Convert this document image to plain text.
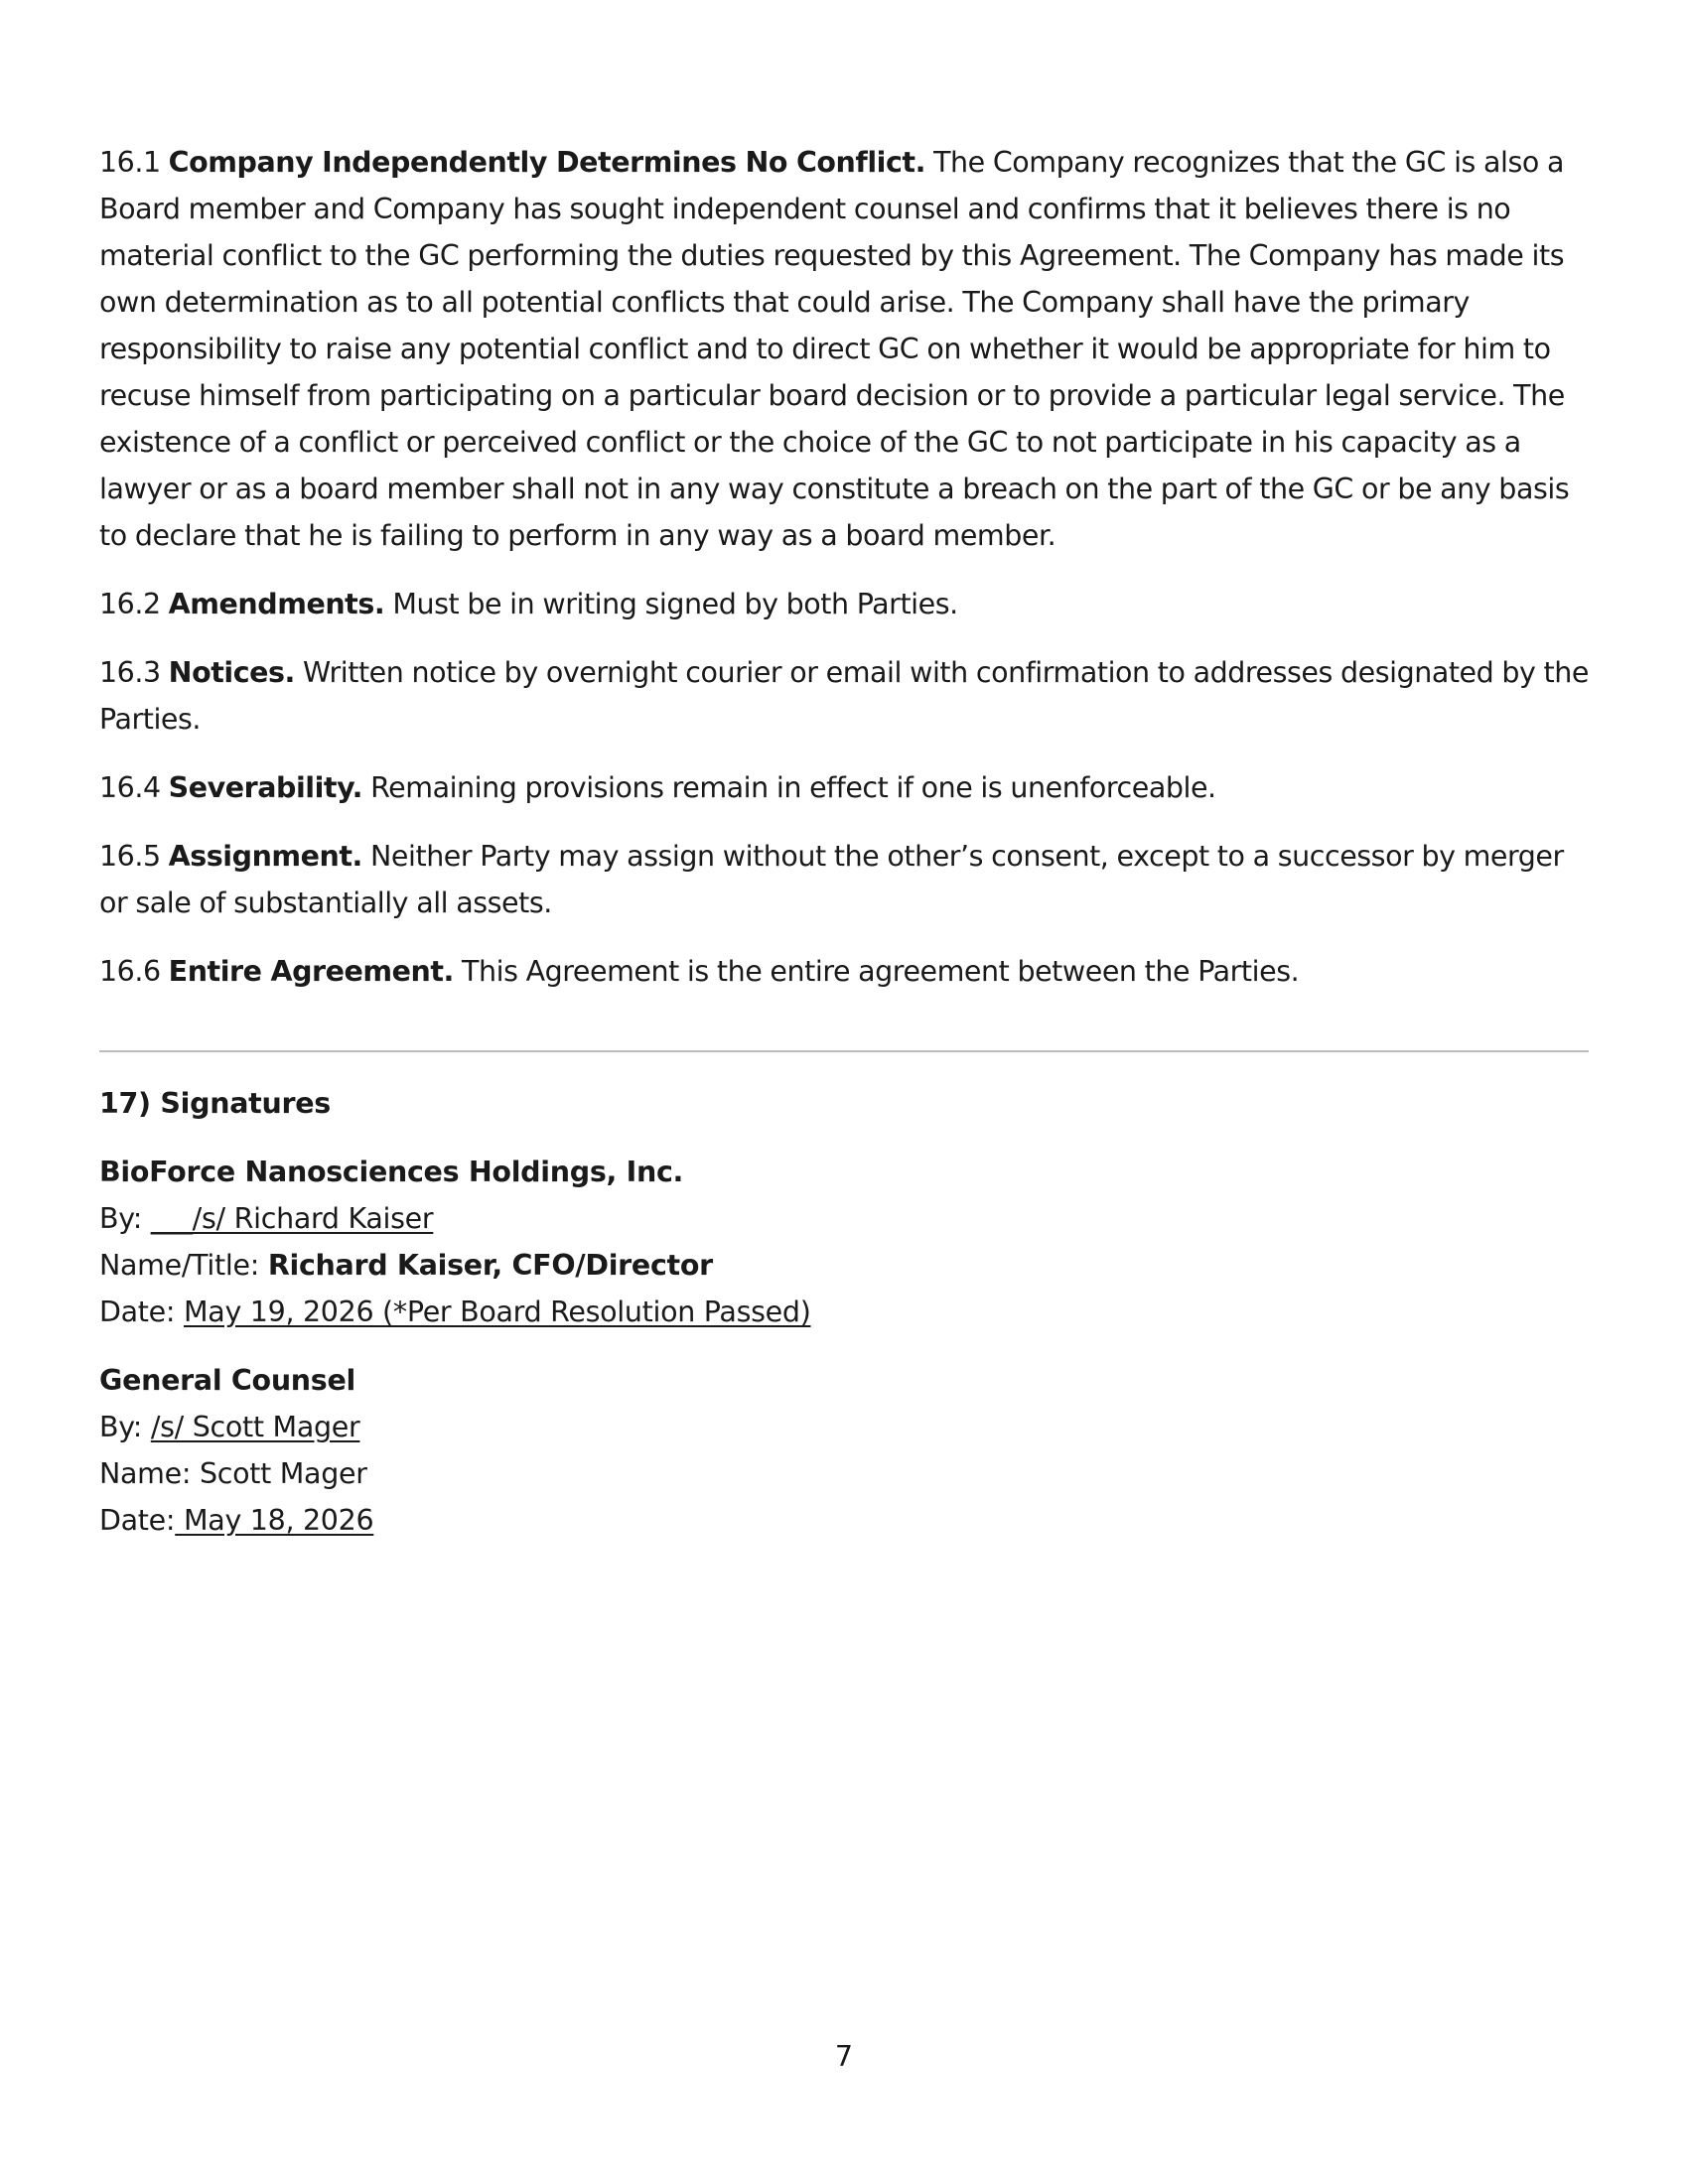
16.1 Company Independently Determines No Conflict. The Company recognizes that the GC is also a Board member and Company has sought independent counsel and confirms that it believes there is no material conflict to the GC performing the duties requested by this Agreement. The Company has made its own determination as to all potential conflicts that could arise. The Company shall have the primary responsibility to raise any potential conflict and to direct GC on whether it would be appropriate for him to recuse himself from participating on a particular board decision or to provide a particular legal service. The existence of a conflict or perceived conflict or the choice of the GC to not participate in his capacity as a lawyer or as a board member shall not in any way constitute a breach on the part of the GC or be any basis to declare that he is failing to perform in any way as a board member.

16.2 Amendments. Must be in writing signed by both Parties.

16.3 Notices. Written notice by overnight courier or email with confirmation to addresses designated by the Parties.

16.4 Severability. Remaining provisions remain in effect if one is unenforceable.

16.5 Assignment. Neither Party may assign without the other’s consent, except to a successor by merger or sale of substantially all assets.

16.6 Entire Agreement. This Agreement is the entire agreement between the Parties.

17) Signatures
BioForce Nanosciences Holdings, Inc.
By: ___/s/ Richard Kaiser
Name/Title: Richard Kaiser, CFO/Director
Date: May 19, 2026 (*Per Board Resolution Passed)
General Counsel
By: /s/ Scott Mager
Name: Scott Mager
Date: May 18, 2026
7
